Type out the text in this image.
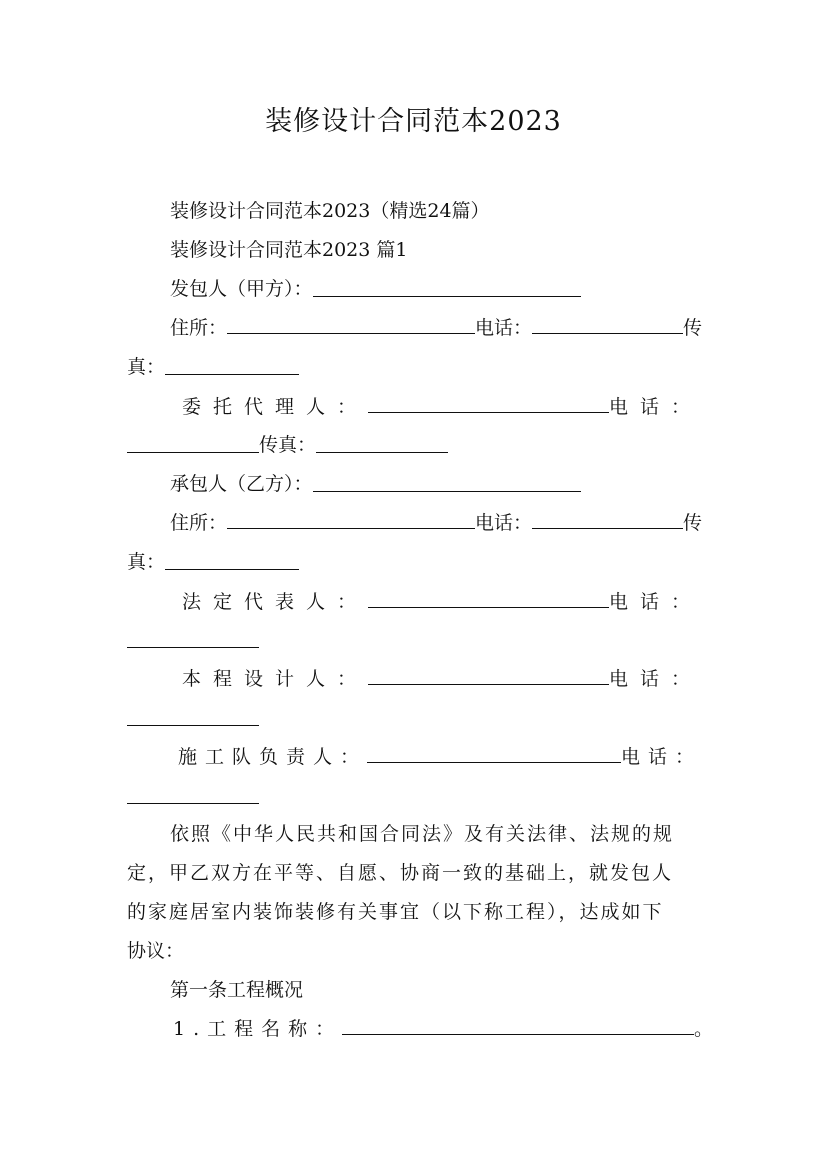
装修设计合同范本2023
装修设计合同范本2023（精选24篇）
装修设计合同范本2023 篇1
发包人（甲方）：
住所：	电话：	传
真：
委托代理人：	电话：
传真：
承包人（乙方）：
住所：	电话：	传
真：
法定代表人：	电话：
本程设计人：	电话：
施工队负责人：	电话：
依照《中华人民共和国合同法》及有关法律、法规的规
定，甲乙双方在平等、自愿、协商一致的基础上，就发包人
的家庭居室内装饰装修有关事宜（以下称工程），达成如下
协议：
第一条工程概况
1.工程名称：	。
